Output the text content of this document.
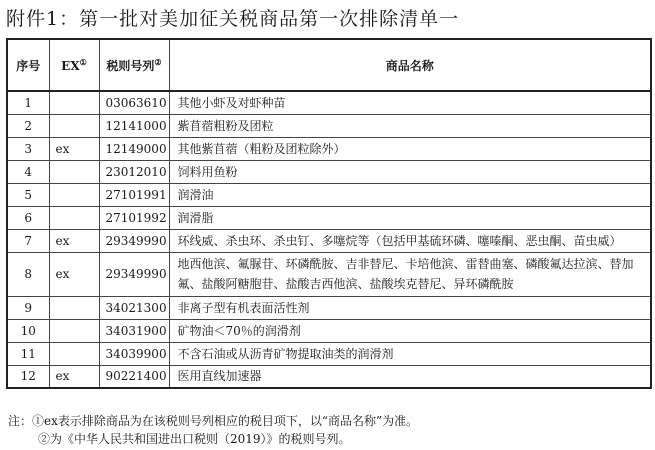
附件1：第一批对美加征关税商品第一次排除清单一
序号	EX①	税则号列②	商品名称
1		03063610	其他小虾及对虾种苗
2		12141000	紫苜蓿粗粉及团粒
3	ex	12149000	其他紫苜蓿（粗粉及团粒除外）
4		23012010	饲料用鱼粉
5		27101991	润滑油
6		27101992	润滑脂
7	ex	29349990	环线威、杀虫环、杀虫钉、多噻烷等（包括甲基硫环磷、噻嗪酮、恶虫酮、苗虫威）
8	ex	29349990	地西他滨、氟脲苷、环磷酰胺、吉非替尼、卡培他滨、雷替曲塞、磷酸氟达拉滨、替加氟、盐酸阿糖胞苷、盐酸吉西他滨、盐酸埃克替尼、异环磷酰胺
9		34021300	非离子型有机表面活性剂
10		34031900	矿物油＜70％的润滑剂
11		34039900	不含石油或从沥青矿物提取油类的润滑剂
12	ex	90221400	医用直线加速器
注：①ex表示排除商品为在该税则号列相应的税目项下，以“商品名称”为准。
②为《中华人民共和国进出口税则（2019）》的税则号列。
